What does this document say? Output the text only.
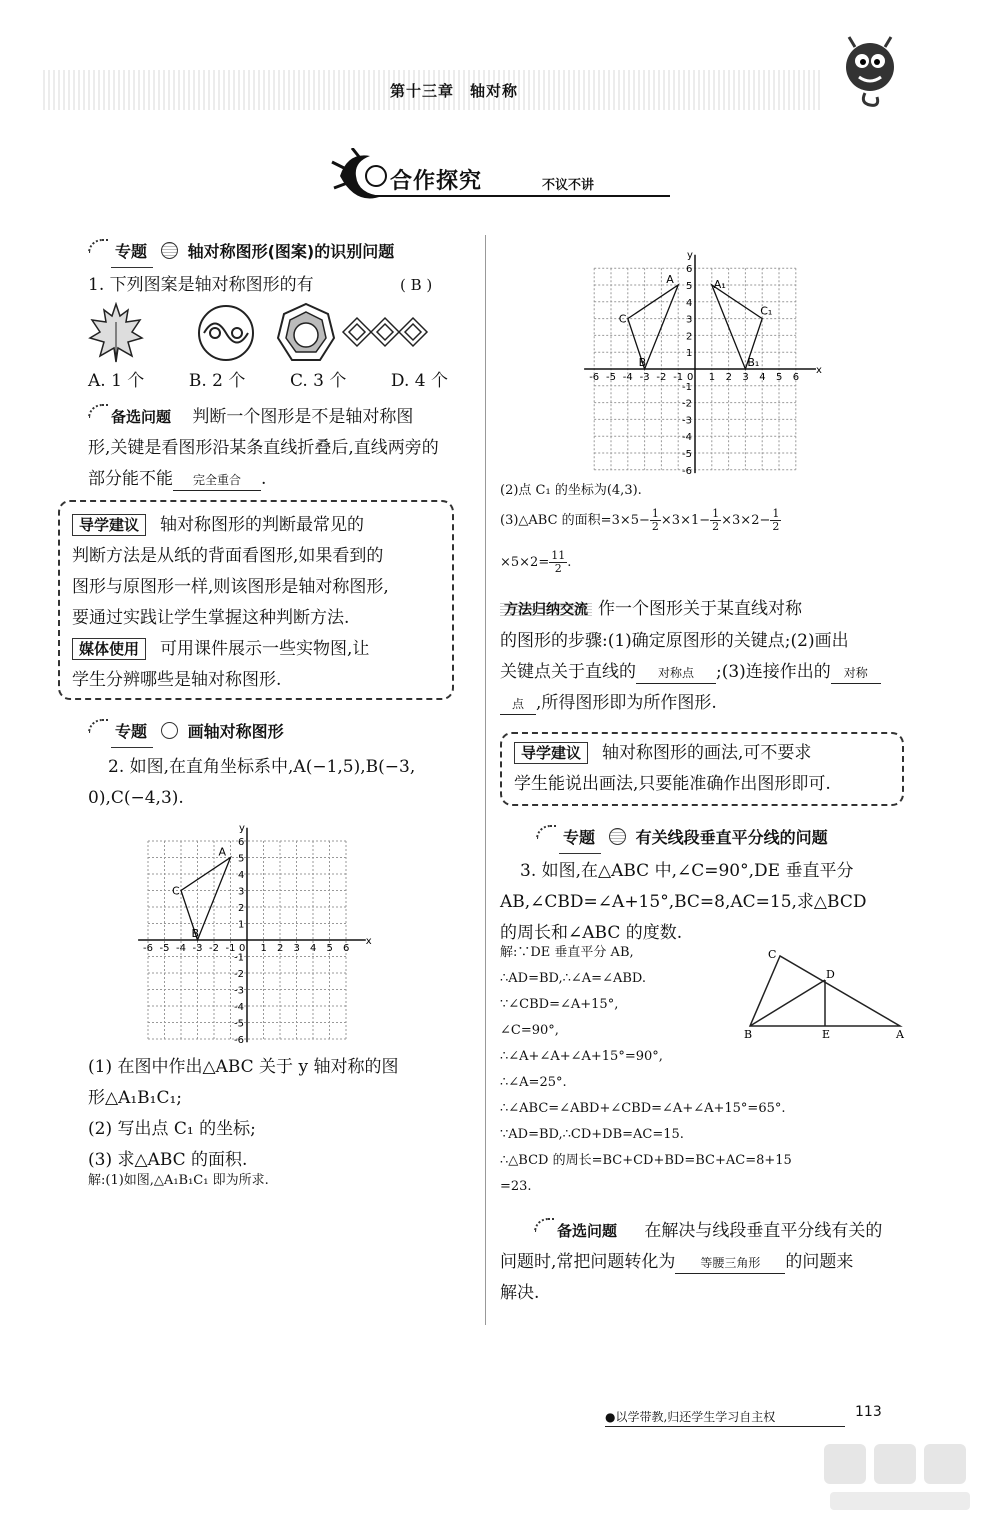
第十三章　轴对称
合作探究	不议不讲
专题	轴对称图形(图案)的识别问题
1. 下列图案是轴对称图形的有	( B )
A. 1 个	B. 2 个	C. 3 个	D. 4 个
备选问题 判断一个图形是不是轴对称图
形,关键是看图形沿某条直线折叠后,直线两旁的
部分能不能 完全重合 .
导学建议 轴对称图形的判断最常见的
判断方法是从纸的背面看图形,如果看到的
图形与原图形一样,则该图形是轴对称图形,
要通过实践让学生掌握这种判断方法.
媒体使用 可用课件展示一些实物图,让
学生分辨哪些是轴对称图形.
专题	画轴对称图形
2. 如图,在直角坐标系中,A(−1,5),B(−3,
0),C(−4,3).
x
y
0
-6 -5 -4 -3 -2 -1	1 2 3 4 5 6
1
2
3
4
5
6
-1
-2
-3
-4
-5
-6
A
B
C
(1) 在图中作出△ABC 关于 y 轴对称的图
形△A₁B₁C₁;
(2) 写出点 C₁ 的坐标;
(3) 求△ABC 的面积.
解:(1)如图,△A₁B₁C₁ 即为所求.
x
y
0
-6 -5 -4 -3 -2 -1	1 2 3 4 5 6
1
2
3
4
5
6
-1
-2
-3
-4
-5
-6
A
B
C
A₁
B₁
C₁
(2)点 C₁ 的坐标为(4,3).
(3)△ABC 的面积$=3\times 5- \frac{1}{2} \times 3\times 1- \frac{1}{2} \times 3\times 2- \frac{1}{2}$
$\times 5\times 2= \frac{11}{2}$ .
方法归纳交流 作一个图形关于某直线对称
的图形的步骤:(1)确定原图形的关键点;(2)画出
关键点关于直线的 对称点 ;(3)连接作出的 对称
点 ,所得图形即为所作图形.
导学建议 轴对称图形的画法,可不要求
学生能说出画法,只要能准确作出图形即可.
专题	有关线段垂直平分线的问题
3. 如图,在△ABC 中,∠C=90°,DE 垂直平分
AB,∠CBD=∠A+15°,BC=8,AC=15,求△BCD
的周长和∠ABC 的度数.
C
D
B	E	A
解:∵DE 垂直平分 AB,
∴AD=BD,∴∠A=∠ABD.
∵∠CBD=∠A+15°,
∠C=90°,
∴∠A+∠A+∠A+15°=90°,
∴∠A=25°.
∴∠ABC=∠ABD+∠CBD=∠A+∠A+15°=65°.
∵AD=BD,∴CD+DB=AC=15.
∴△BCD 的周长=BC+CD+BD=BC+AC=8+15
=23.
备选问题 在解决与线段垂直平分线有关的
问题时,常把问题转化为 等腰三角形 的问题来
解决.
●以学带教,归还学生学习自主权	113
